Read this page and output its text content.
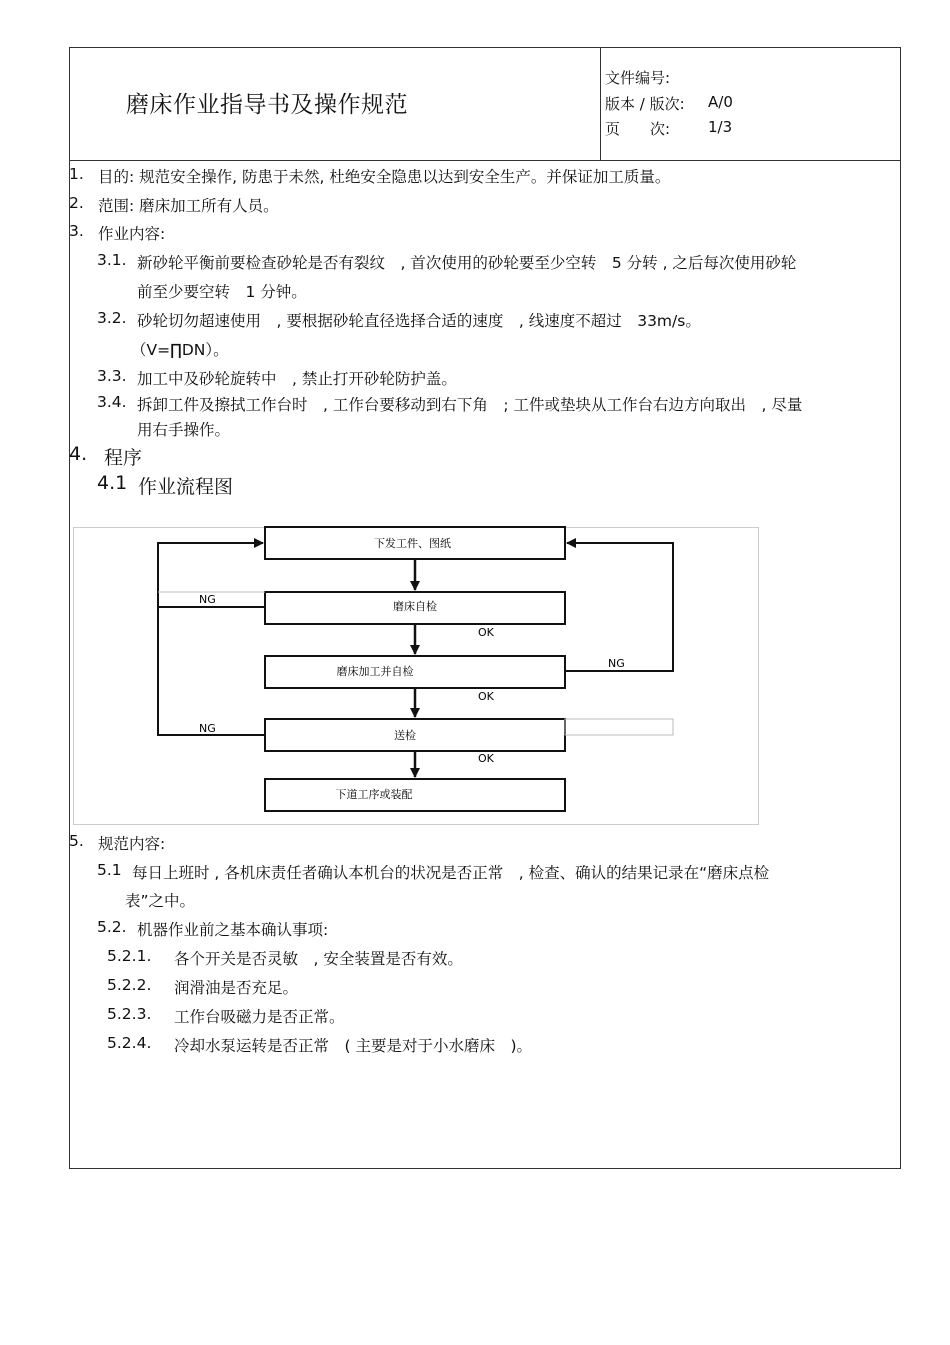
磨床作业指导书及操作规范
文件编号:
版本 / 版次: A/0
页　　次:	1/3
1. 目的: 规范安全操作, 防患于未然, 杜绝安全隐患以达到安全生产。并保证加工质量。
2. 范围: 磨床加工所有人员。
3. 作业内容:
3.1. 新砂轮平衡前要检查砂轮是否有裂纹　, 首次使用的砂轮要至少空转　5 分转 , 之后每次使用砂轮
前至少要空转　1 分钟。
3.2. 砂轮切勿超速使用　, 要根据砂轮直径选择合适的速度　, 线速度不超过　33m/s。
（V=∏DN）。
3.3. 加工中及砂轮旋转中　, 禁止打开砂轮防护盖。
3.4. 拆卸工件及擦拭工作台时　, 工作台要移动到右下角　; 工件或垫块从工作台右边方向取出　, 尽量
用右手操作。
4. 程序
4.1 作业流程图
下发工件、图纸
磨床自检
磨床加工并自检
送检
下道工序或装配
OK
OK
OK
NG
NG
NG
5. 规范内容:
5.1 每日上班时 , 各机床责任者确认本机台的状况是否正常　, 检查、确认的结果记录在“磨床点检
表”之中。
5.2. 机器作业前之基本确认事项:
5.2.1. 各个开关是否灵敏　, 安全装置是否有效。
5.2.2. 润滑油是否充足。
5.2.3. 工作台吸磁力是否正常。
5.2.4. 冷却水泵运转是否正常　( 主要是对于小水磨床　)。
